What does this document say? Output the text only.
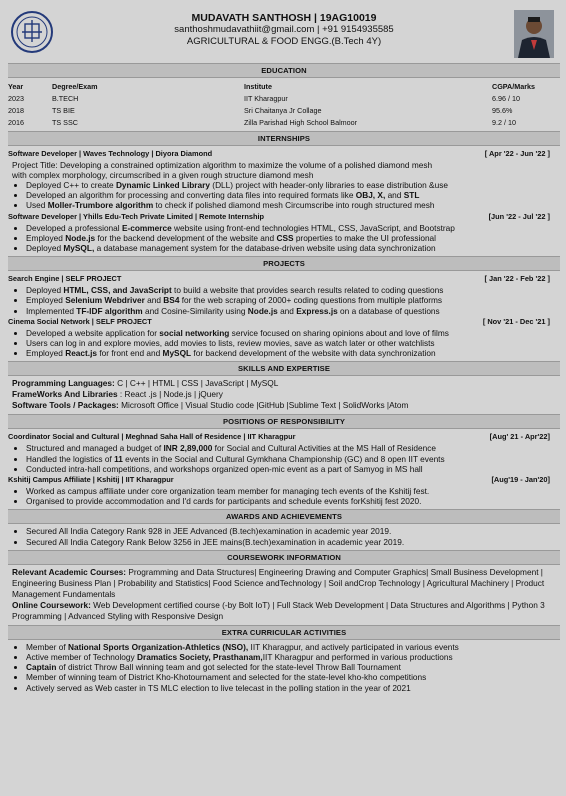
MUDAVATH SANTHOSH | 19AG10019
santhoshmudavathiit@gmail.com | +91 9154935585
AGRICULTURAL & FOOD ENGG.(B.Tech 4Y)
EDUCATION
Year	Degree/Exam	Institute	CGPA/Marks
2023	B.TECH	IIT Kharagpur	6.96 / 10
2018	TS BIE	Sri Chaitanya Jr Collage	95.6%
2016	TS SSC	Zilla Parishad High School Balmoor	9.2 / 10
INTERNSHIPS
Software Developer | Waves Technology | Diyora Diamond	[ Apr '22 - Jun '22 ]
Project Title: Developing a constrained optimization algorithm to maximize the volume of a polished diamond mesh
with complex morphology, circumscribed in a given rough structure diamond mesh
• Deployed C++ to create Dynamic Linked Library (DLL) project with header-only libraries to ease distribution &use
• Developed an algorithm for processing and converting data files into required formats like OBJ, X, and STL
• Used Moller-Trumbore algorithm to check if polished diamond mesh Circumscribe into rough structured mesh
Software Developer | Yhills Edu-Tech Private Limited | Remote Internship	[Jun '22 - Jul '22 ]
• Developed a professional E-commerce website using front-end technologies HTML, CSS, JavaScript, and Bootstrap
• Employed Node.js for the backend development of the website and CSS properties to make the UI professional
• Deployed MySQL, a database management system for the database-driven website using data synchronization
PROJECTS
Search Engine | SELF PROJECT	[ Jan '22 - Feb '22 ]
• Deployed HTML, CSS, and JavaScript to build a website that provides search results related to coding questions
• Employed Selenium Webdriver and BS4 for the web scraping of 2000+ coding questions from multiple platforms
• Implemented TF-IDF algorithm and Cosine-Similarity using Node.js and Express.js on a database of questions
Cinema Social Network | SELF PROJECT	[ Nov '21 - Dec '21 ]
• Developed a website application for social networking service focused on sharing opinions about and love of films
• Users can log in and explore movies, add movies to lists, review movies, save as watch later or other watchlists
• Employed React.js for front end and MySQL for backend development of the website with data synchronization
SKILLS AND EXPERTISE
Programming Languages: C | C++ | HTML | CSS | JavaScript | MySQL
FrameWorks And Libraries : React .js | Node.js | jQuery
Software Tools / Packages: Microsoft Office | Visual Studio code |GitHub |Sublime Text | SolidWorks |Atom
POSITIONS OF RESPONSIBILITY
Coordinator Social and Cultural | Meghnad Saha Hall of Residence | IIT Kharagpur	[Aug' 21 - Apr'22]
• Structured and managed a budget of INR 2,89,000 for Social and Cultural Activities at the MS Hall of Residence
• Handled the logistics of 11 events in the Social and Cultural Gymkhana Championship (GC) and 8 open IIT events
• Conducted intra-hall competitions, and workshops organized open-mic event as a part of Samyog in MS hall
Kshitij Campus Affiliate | Kshitij | IIT Kharagpur	[Aug'19 - Jan'20]
• Worked as campus affiliate under core organization team member for managing tech events of the Kshitij fest.
• Organised to provide accommodation and I'd cards for participants and schedule events forKshitij fest 2020.
AWARDS AND ACHIEVEMENTS
• Secured All India Category Rank 928 in JEE Advanced (B.tech)examination in academic year 2019.
• Secured All India Category Rank Below 3256 in JEE mains(B.tech)examination in academic year 2019.
COURSEWORK INFORMATION
Relevant Academic Courses: Programming and Data Structures| Engineering Drawing and Computer Graphics| Small Business Development | Engineering Business Plan | Probability and Statistics| Food Science andTechnology | Soil andCrop Technology | Agricultural Machinery | Product Management Fundamentals
Online Coursework: Web Development certified course (-by Bolt IoT) | Full Stack Web Development | Data Structures and Algorithms | Python 3 Programming | Advanced Styling with Responsive Design
EXTRA CURRICULAR ACTIVITIES
• Member of National Sports Organization-Athletics (NSO), IIT Kharagpur, and actively participated in various events
• Active member of Technology Dramatics Society, Prasthanam,IIT Kharagpur and performed in various productions
• Captain of district Throw Ball winning team and got selected for the state-level Throw Ball Tournament
• Member of winning team of District Kho-Khotournament and selected for the state-level kho-kho competitions
• Actively served as Web caster in TS MLC election to live telecast in the polling station in the year of 2021
